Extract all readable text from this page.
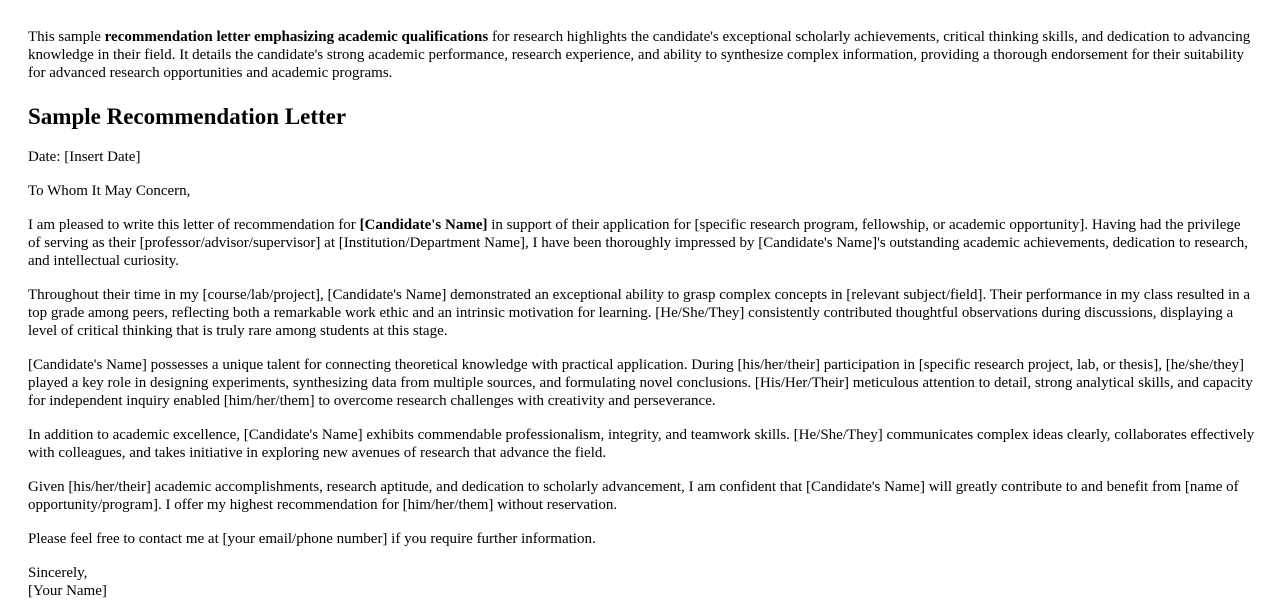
This sample recommendation letter emphasizing academic qualifications for research highlights the candidate's exceptional scholarly achievements, critical thinking skills, and dedication to advancing knowledge in their field. It details the candidate's strong academic performance, research experience, and ability to synthesize complex information, providing a thorough endorsement for their suitability for advanced research opportunities and academic programs.

Sample Recommendation Letter

Date: [Insert Date]

To Whom It May Concern,

I am pleased to write this letter of recommendation for [Candidate's Name] in support of their application for [specific research program, fellowship, or academic opportunity]. Having had the privilege of serving as their [professor/advisor/supervisor] at [Institution/Department Name], I have been thoroughly impressed by [Candidate's Name]'s outstanding academic achievements, dedication to research, and intellectual curiosity.

Throughout their time in my [course/lab/project], [Candidate's Name] demonstrated an exceptional ability to grasp complex concepts in [relevant subject/field]. Their performance in my class resulted in a top grade among peers, reflecting both a remarkable work ethic and an intrinsic motivation for learning. [He/She/They] consistently contributed thoughtful observations during discussions, displaying a level of critical thinking that is truly rare among students at this stage.

[Candidate's Name] possesses a unique talent for connecting theoretical knowledge with practical application. During [his/her/their] participation in [specific research project, lab, or thesis], [he/she/they] played a key role in designing experiments, synthesizing data from multiple sources, and formulating novel conclusions. [His/Her/Their] meticulous attention to detail, strong analytical skills, and capacity for independent inquiry enabled [him/her/them] to overcome research challenges with creativity and perseverance.

In addition to academic excellence, [Candidate's Name] exhibits commendable professionalism, integrity, and teamwork skills. [He/She/They] communicates complex ideas clearly, collaborates effectively with colleagues, and takes initiative in exploring new avenues of research that advance the field.

Given [his/her/their] academic accomplishments, research aptitude, and dedication to scholarly advancement, I am confident that [Candidate's Name] will greatly contribute to and benefit from [name of opportunity/program]. I offer my highest recommendation for [him/her/them] without reservation.

Please feel free to contact me at [your email/phone number] if you require further information.

Sincerely,
[Your Name]
